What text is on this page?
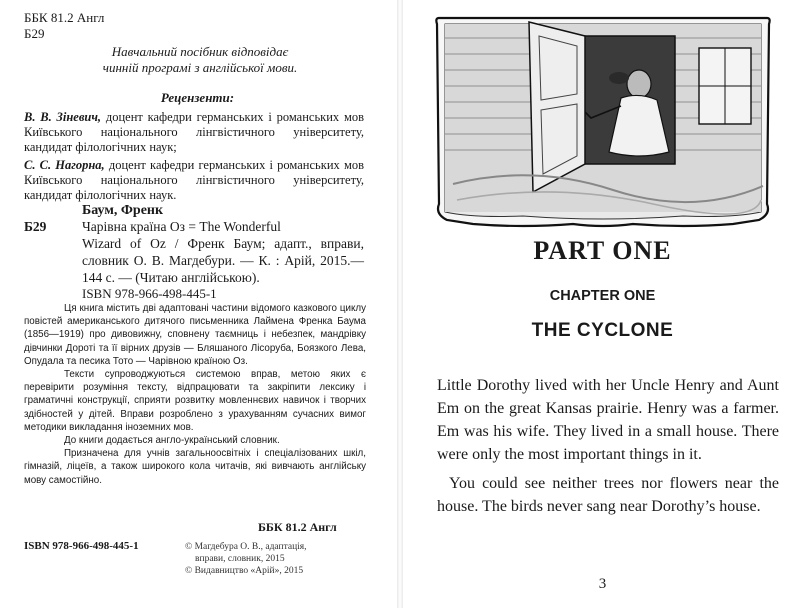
ББК 81.2 Англ
Б29
Навчальний посібник відповідає
чинній програмі з англійської мови.
Рецензенти:
В. В. Зіневич, доцент кафедри германських і романських мов Київського національного лінгвістичного університету, кандидат філологічних наук;
С. С. Нагорна, доцент кафедри германських і романських мов Київського національного лінгвістичного університету, кандидат філологічних наук.
Баум, Френк
Б29	Чарівна країна Оз = The Wonderful
Wizard of Oz / Френк Баум; адапт., вправи, словник О. В. Магдебури. — К. : Арій, 2015.— 144 с. — (Читаю англійською).
ISBN 978-966-498-445-1

Ця книга містить дві адаптовані частини відомого казкового циклу повістей американського дитячого письменника Лаймена Френка Баума (1856—1919) про дивовижну, сповнену таємниць і небезпек, мандрівку дівчинки Дороті та її вірних друзів — Бляшаного Лісоруба, Боязкого Лева, Опудала та песика Тото — Чарівною країною Оз.

Тексти супроводжуються системою вправ, метою яких є перевірити розуміння тексту, відпрацювати та закріпити лексику і граматичні конструкції, сприяти розвитку мовленнєвих навичок і творчих здібностей у дітей. Вправи розроблено з урахуванням сучасних вимог методики викладання іноземних мов.

До книги додається англо-український словник.

Призначена для учнів загальноосвітніх і спеціалізованих шкіл, гімназій, ліцеїв, а також широкого кола читачів, які вивчають англійську мову самостійно.

ББК 81.2 Англ
ISBN 978-966-498-445-1	© Магдебура О. В., адаптація,
вправи, словник, 2015
© Видавництво «Арій», 2015
PART ONE
CHAPTER ONE
THE CYCLONE

Little Dorothy lived with her Uncle Henry and Aunt Em on the great Kansas prairie. Henry was a farmer. Em was his wife. They lived in a small house. There were only the most important things in it.

You could see neither trees nor flowers near the house. The birds never sang near Dorothy’s house.

3
